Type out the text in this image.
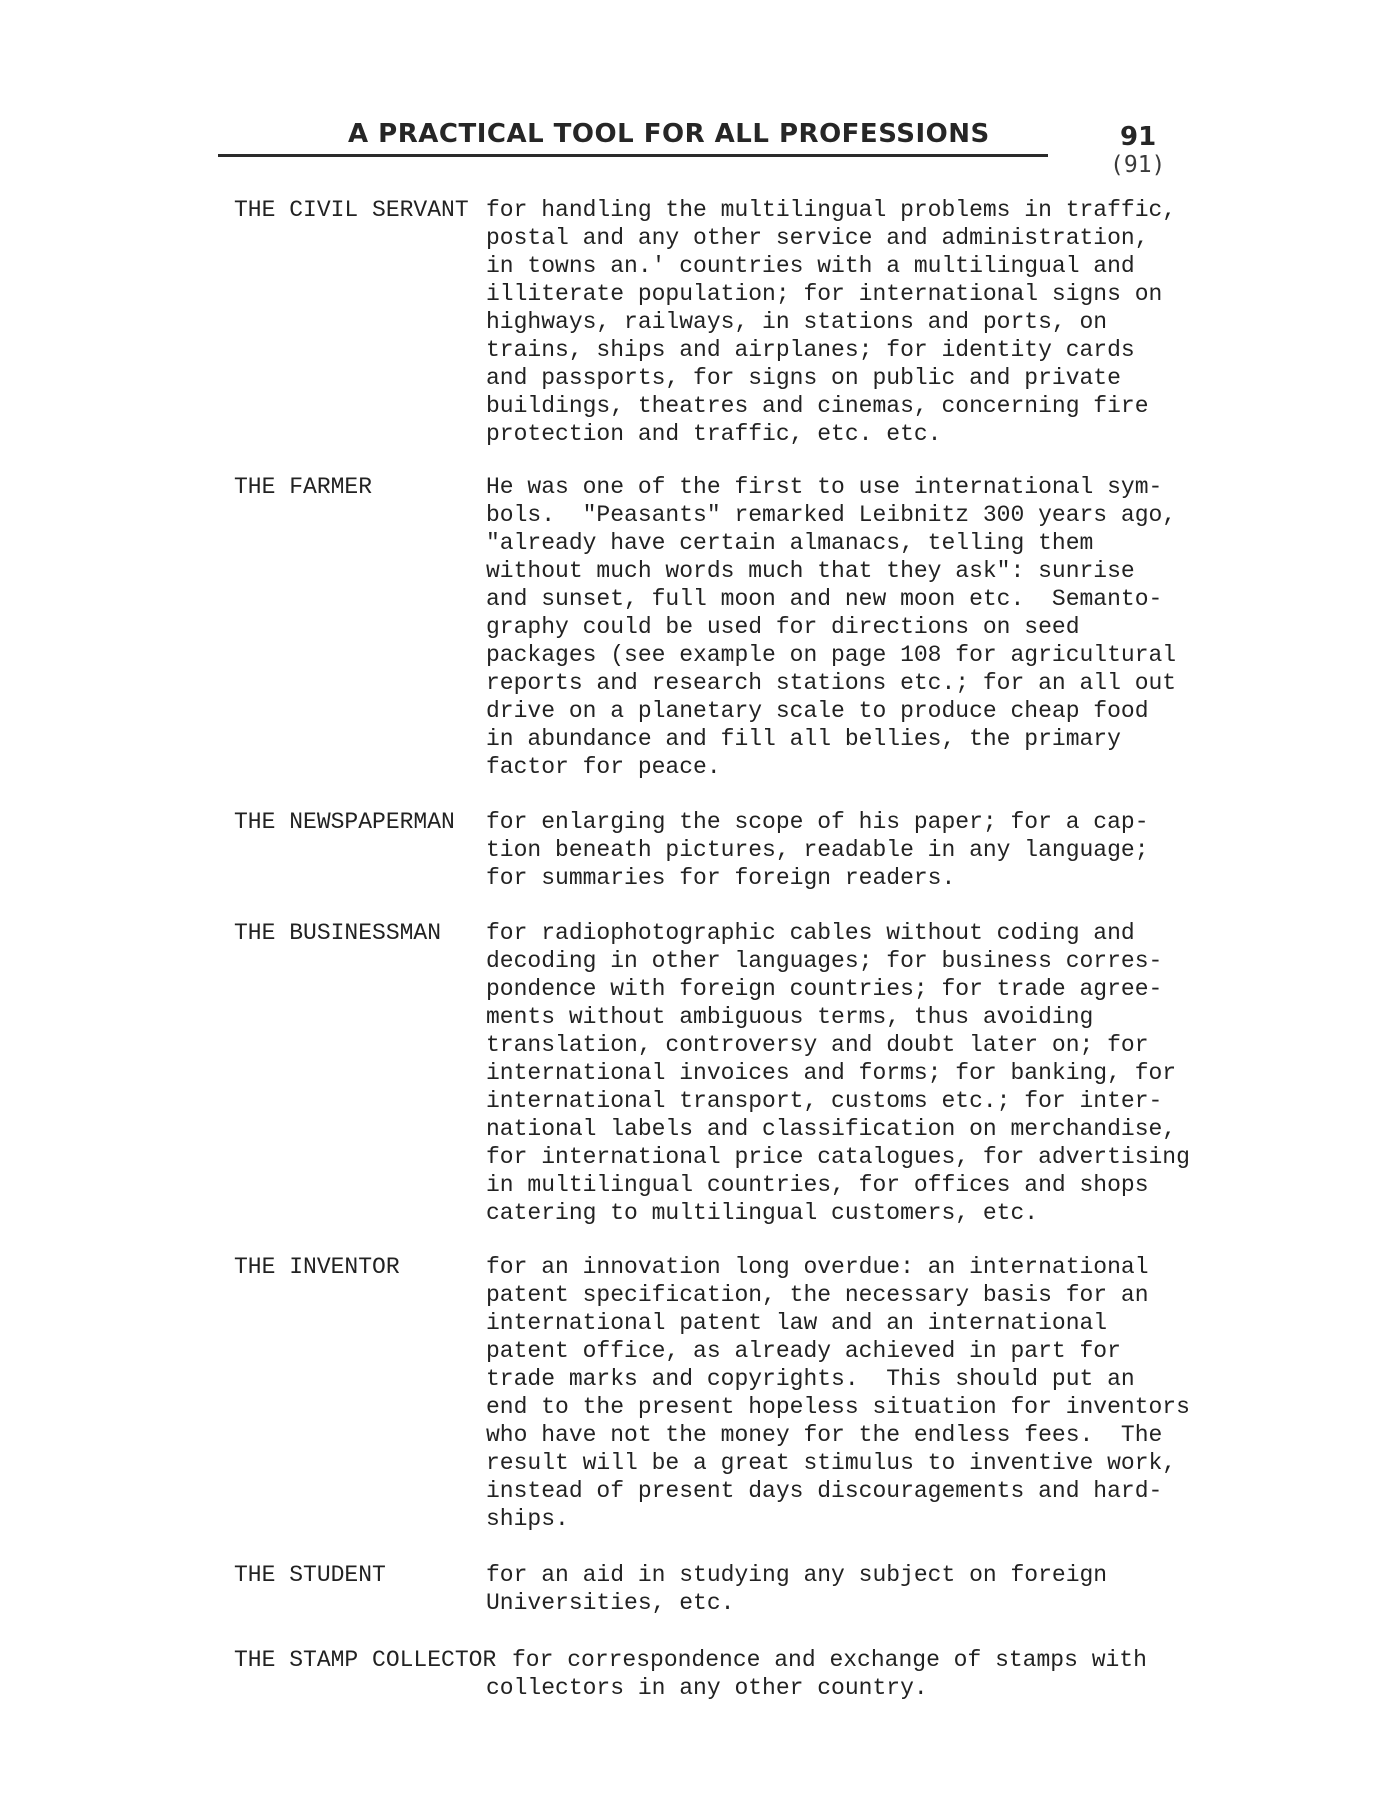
A PRACTICAL TOOL FOR ALL PROFESSIONS	91
(91)
THE CIVIL SERVANT for handling the multilingual problems in traffic,
postal and any other service and administration,
in towns an.' countries with a multilingual and
illiterate population; for international signs on
highways, railways, in stations and ports, on
trains, ships and airplanes; for identity cards
and passports, for signs on public and private
buildings, theatres and cinemas, concerning fire
protection and traffic, etc. etc.
THE FARMER	He was one of the first to use international sym-
bols.  "Peasants" remarked Leibnitz 300 years ago,
"already have certain almanacs, telling them
without much words much that they ask": sunrise
and sunset, full moon and new moon etc.  Semanto-
graphy could be used for directions on seed
packages (see example on page 108 for agricultural
reports and research stations etc.; for an all out
drive on a planetary scale to produce cheap food
in abundance and fill all bellies, the primary
factor for peace.
THE NEWSPAPERMAN for enlarging the scope of his paper; for a cap-
tion beneath pictures, readable in any language;
for summaries for foreign readers.
THE BUSINESSMAN for radiophotographic cables without coding and
decoding in other languages; for business corres-
pondence with foreign countries; for trade agree-
ments without ambiguous terms, thus avoiding
translation, controversy and doubt later on; for
international invoices and forms; for banking, for
international transport, customs etc.; for inter-
national labels and classification on merchandise,
for international price catalogues, for advertising
in multilingual countries, for offices and shops
catering to multilingual customers, etc.
THE INVENTOR	for an innovation long overdue: an international
patent specification, the necessary basis for an
international patent law and an international
patent office, as already achieved in part for
trade marks and copyrights.  This should put an
end to the present hopeless situation for inventors
who have not the money for the endless fees.  The
result will be a great stimulus to inventive work,
instead of present days discouragements and hard-
ships.
THE STUDENT	for an aid in studying any subject on foreign
Universities, etc.
THE STAMP COLLECTOR for correspondence and exchange of stamps with
collectors in any other country.
